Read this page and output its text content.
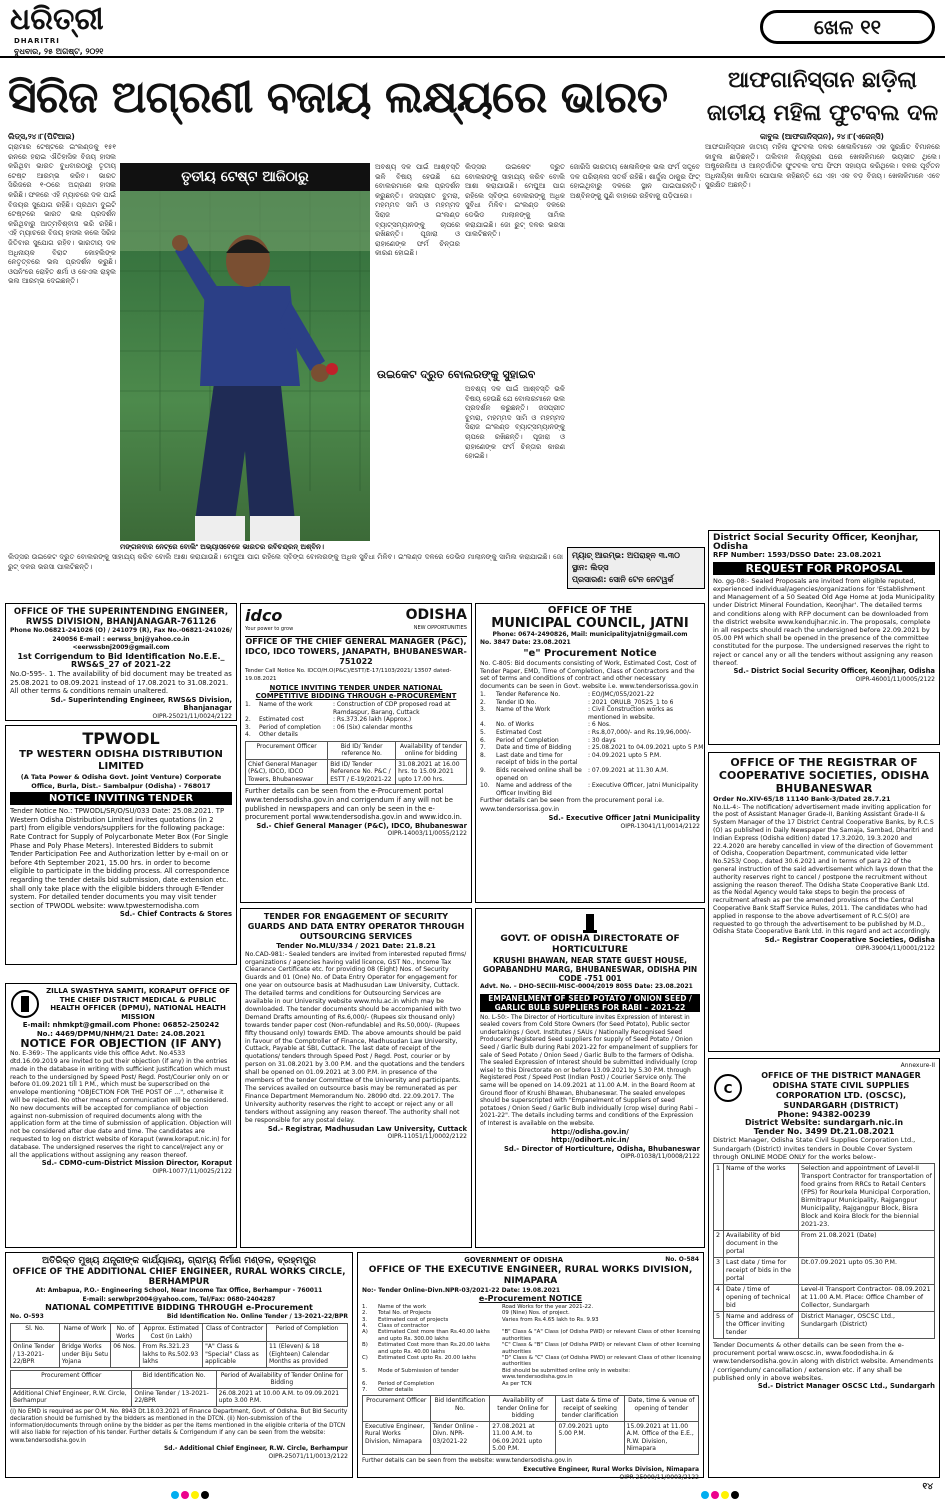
ଧରିତ୍ରୀ
DHARITRI
ବୁଧବାର, ୨୫ ଅଗଷ୍ଟ, ୨୦୨୧
ଖେଳ ୧୧
ସିରିଜ ଅଗ୍ରଣୀ ବଜାୟ ଲକ୍ଷ୍ୟରେ ଭାରତ	ଆଫଗାନିସ୍ତାନ ଛାଡ଼ିଲା ଜାତୀୟ ମହିଳା ଫୁଟବଲ ଦଳ
ଲିଡ୍ସ,୨୪।୮(ପିଟିଆଇ)
ଗ୍ରାମାର ଟେଷ୍ଟରେ ଇଂଲଣ୍ଡକୁ ୧୫୧ ରନରେ ହରାଇ ଐତିହାସିକ ବିଜୟ ହାସଲ କରିଥିବା ଭାରତ ବୁଧବାରଠାରୁ ତୃତୀୟ ଟେଷ୍ଟ ଆରମ୍ଭ କରିବ। ଭାରତ ସିରିଜରେ ୧-୦ରେ ଅଗ୍ରଣୀ ହାସଲ କରିଛି। ଫଳରେ ଏହି ମ୍ୟାଚରେ ଦଳ ପାଇଁ ବିଜୟର ସୁଯୋଗ ରହିଛି। ପ୍ରଥମ ଦୁଇଟି ଟେଷ୍ଟରେ ଭାରତ ଭଲ ପ୍ରଦର୍ଶନ କରିଥିବାରୁ ଆତ୍ମବିଶ୍ବାସ ଭରି ରହିଛି। ଏହି ମ୍ୟାଚରେ ବିଜୟ ହାସଲ କଲେ ସିରିଜ ଜିତିବାର ସୁଯୋଗ ରହିବ। ଭାରତୀୟ ଦଳ ଅଧିନାୟକ ବିରାଟ କୋହଲିଙ୍କ ନେତୃତ୍ବରେ ଭଲ ପ୍ରଦର୍ଶନ କରୁଛି। ଓପନିଂରେ ରୋହିତ ଶର୍ମା ଓ କେଏଲ ରାହୁଲ ଭଲ ଆରମ୍ଭ ଦେଇଛନ୍ତି।
ତୃତୀୟ ଟେଷ୍ଟ ଆଜିଠାରୁ
ମଙ୍ଗଳବାର ନେଟ୍‌ରେ ବୋଲିଂ ଅଭ୍ୟାସବେଳେ ଭାରତର ରବିଚନ୍ଦ୍ରନ୍ ଅଶ୍ବିନ।
ଅବଶ୍ୟ ଦଳ ପାଇଁ ଆଶ୍ବସ୍ତି ଭଳି ବିଷୟ ହେଉଛି ଯେ ବୋଲରମାନେ ଭଲ ପ୍ରଦର୍ଶନ କରୁଛନ୍ତି। ଜସପ୍ରୀତ ବୁମରା, ମହମ୍ମଦ ସାମି ଓ ମହମ୍ମଦ ସିରାଜ ଇଂଲଣ୍ଡ ବ୍ୟାଟ୍ସମ୍ୟାନଙ୍କୁ ଚାପରେ ରଖିଛନ୍ତି। ପୂଜାରା ଓ ରାହାଣେଙ୍କ ଫର୍ମ ଚିନ୍ତାର କାରଣ ହୋଇଛି।
ଉଇକେଟ ଦ୍ରୁତ ବୋଲରଙ୍କୁ ସୁହାଇବ
ଲିଡ୍ସର ଉଇକେଟ ଦ୍ରୁତ ବୋଲରଙ୍କୁ ସାହାଯ୍ୟ କରିବ ବୋଲି ଆଶା କରାଯାଉଛି। ମେଘୁଆ ପାଗ ରହିଲେ ସ୍ବିଙ୍ଗ ବୋଲରଙ୍କୁ ଅଧିକ ସୁବିଧା ମିଳିବ। ଇଂଲଣ୍ଡ ଦଳରେ ଡେଭିଡ ମାଲାନଙ୍କୁ ସାମିଲ କରାଯାଇଛି। ଜୋ ରୁଟ୍ ଦଳର ଭରସା ପାଲଟିଛନ୍ତି।
ଅବଶ୍ୟ ଦଳ ପାଇଁ ଆଶ୍ବସ୍ତି ଭଳି ବିଷୟ ହେଉଛି ଯେ ବୋଲରମାନେ ଭଲ ପ୍ରଦର୍ଶନ କରୁଛନ୍ତି। ଜସପ୍ରୀତ ବୁମରା, ମହମ୍ମଦ ସାମି ଓ ମହମ୍ମଦ ସିରାଜ ଇଂଲଣ୍ଡ ବ୍ୟାଟ୍ସମ୍ୟାନଙ୍କୁ ଚାପରେ ରଖିଛନ୍ତି। ପୂଜାରା ଓ ରାହାଣେଙ୍କ ଫର୍ମ ଚିନ୍ତାର କାରଣ ହୋଇଛି।
ଜୋରିସି ଭାରତୀୟ ଖେଳାଳିଙ୍କ ଭଲ ଫର୍ମ ସତ୍ତ୍ବେ ଦଳ ପରିଚାଳନା ସତର୍କ ରହିଛି। ଶାର୍ଦ୍ଦୁଲ ଠାକୁର ଫିଟ୍ ହୋଇଥିବାରୁ ଦଳରେ ସ୍ଥାନ ପାଇପାରନ୍ତି। ଅଶ୍ବିନଙ୍କୁ ପୁଣି ବାହାରେ ରହିବାକୁ ପଡ଼ିପାରେ।
ଲିଡ୍ସର ଉଇକେଟ ଦ୍ରୁତ ବୋଲରଙ୍କୁ ସାହାଯ୍ୟ କରିବ ବୋଲି ଆଶା କରାଯାଉଛି। ମେଘୁଆ ପାଗ ରହିଲେ ସ୍ବିଙ୍ଗ ବୋଲରଙ୍କୁ ଅଧିକ ସୁବିଧା ମିଳିବ। ଇଂଲଣ୍ଡ ଦଳରେ ଡେଭିଡ ମାଲାନଙ୍କୁ ସାମିଲ କରାଯାଇଛି। ଜୋ ରୁଟ୍ ଦଳର ଭରସା ପାଲଟିଛନ୍ତି।
ମ୍ୟାଚ୍ ଆରମ୍ଭ: ଅପରାହ୍ନ ୩.୩୦
ସ୍ଥାନ: ଲିଡ୍ସ
ପ୍ରସାରଣ: ସୋନି ଟେନ ନେଟୱର୍କ
କାବୁଲ (ଆଫଗାନିସ୍ତାନ), ୨୪।୮(ଏଜେନ୍ସି)
ଆଫଗାନିସ୍ତାନ ଜାତୀୟ ମହିଳା ଫୁଟବଲ ଦଳର ଖେଳାଳିମାନେ ଏକ ସୁରକ୍ଷିତ ବିମାନରେ କାବୁଲ ଛାଡ଼ିଛନ୍ତି। ତାଲିବାନ ନିୟନ୍ତ୍ରଣ ପରେ ଖେଳାଳିମାନେ ଭୟଭୀତ ଥିଲେ। ଅଷ୍ଟ୍ରେଲିଆ ଓ ଆନ୍ତର୍ଜାତିକ ଫୁଟବଲ ସଂଘ ଫିଫା ସହାୟତା କରିଥିଲେ। ଦଳର ପୂର୍ବତନ ଅଧିନାୟିକା ଖାଲିଦା ପୋପାଲ କହିଛନ୍ତି ଯେ ଏହା ଏକ ବଡ଼ ବିଜୟ। ଖେଳାଳିମାନେ ଏବେ ସୁରକ୍ଷିତ ଅଛନ୍ତି।
OFFICE OF THE SUPERINTENDING ENGINEER, RWSS DIVISION, BHANJANAGAR-761126
Phone No.06821-241026 (O) / 241079 (R), Fax No.-06821-241026/ 240056 E-mail : eerwss_bnj@yahoo.co.in <eerwssbnj2009@gmail.com
1st Corrigendum to Bid Identification No.E.E._ RWS&S_27 of 2021-22
No.O-595-. 1. The availability of bid document may be treated as 25.08.2021 to 08.09.2021 instead of 17.08.2021 to 31.08.2021. All other terms & conditions remain unaltered.
Sd.- Superintending Engineer, RWS&S Division, Bhanjanagar
OIPR-25021/11/0024/2122
TPWODL
TP WESTERN ODISHA DISTRIBUTION LIMITED
(A Tata Power & Odisha Govt. Joint Venture) Corporate Office, Burla, Dist.- Sambalpur (Odisha) - 768017
NOTICE INVITING TENDER
Tender Notice No.: TPWODL/SR/O/SU/033 Date: 25.08.2021. TP Western Odisha Distribution Limited invites quotations (in 2 part) from eligible vendors/suppliers for the following package: Rate Contract for Supply of Polycarbonate Meter Box (For Single Phase and Poly Phase Meters). Interested Bidders to submit Tender Participation Fee and Authorization letter by e-mail on or before 4th September 2021, 15.00 hrs. in order to become eligible to participate in the bidding process. All correspondence regarding the tender details bid submission, date extension etc. shall only take place with the eligible bidders through E-Tender system. For detailed tender documents you may visit tender section of TPWODL website: www.tpwesternodisha.com
Sd.- Chief Contracts & Stores
ZILLA SWASTHYA SAMITI, KORAPUT OFFICE OF THE CHIEF DISTRICT MEDICAL & PUBLIC HEALTH OFFICER (DPMU), NATIONAL HEALTH MISSION
E-mail: nhmkpt@gmail.com Phone: 06852-250242
No.: 4469/DPMU/NHM/21 Date: 24.08.2021
NOTICE FOR OBJECTION (IF ANY)
No. E-369:- The applicants vide this office Advt. No.4533 dtd.16.09.2019 are invited to put their objection (if any) in the entries made in the database in writing with sufficient justification which must reach to the undersigned by Speed Post/ Regd. Post/Courier only on or before 01.09.2021 till 1 P.M., which must be superscribed on the envelope mentioning "OBJECTION FOR THE POST OF ...", otherwise it will be rejected. No other means of communication will be considered. No new documents will be accepted for compliance of objection against non-submission of required documents along with the application form at the time of submission of application. Objection will not be considered after due date and time. The candidates are requested to log on district website of Koraput (www.koraput.nic.in) for database. The undersigned reserves the right to cancel/reject any or all the applications without assigning any reason thereof.
Sd.- CDMO-cum-District Mission Director, Koraput
OIPR-10077/11/0025/2122
idco
Your power to grow
ODISHA
NEW OPPORTUNITIES
OFFICE OF THE CHIEF GENERAL MANAGER (P&C), IDCO, IDCO TOWERS, JANAPATH, BHUBANESWAR- 751022
Tender Call Notice No. IDCO/H.O(P&C)/ESTT/E-17/1103/2021/ 13507 dated- 19.08.2021
NOTICE INVITING TENDER UNDER NATIONAL COMPETITIVE BIDDING THROUGH e-PROCUREMENT
1.	Name of the work	: Construction of CDP proposed road at Ramdaspur, Barang, Cuttack
2.	Estimated cost	: Rs.373.26 lakh (Approx.)
3.	Period of completion	: 06 (Six) calendar months
4.	Other details
Procurement Officer	Bid ID/ Tender reference No.	Availability of tender online for bidding
Chief General Manager (P&C), IDCO, IDCO Towers, Bhubaneswar	Bid ID/ Tender Reference No. P&C / ESTT / E-19/2021-22	31.08.2021 at 16.00 hrs. to 15.09.2021 upto 17.00 hrs.
Further details can be seen from the e-Procurement portal www.tendersodisha.gov.in and corrigendum if any will not be published in newspapers and can only be seen in the e-procurement portal www.tendersodisha.gov.in and www.idco.in.
Sd.- Chief General Manager (P&C), IDCO, Bhubaneswar
OIPR-14003/11/0055/2122
TENDER FOR ENGAGEMENT OF SECURITY GUARDS AND DATA ENTRY OPERATOR THROUGH OUTSOURCING SERVICES
Tender No.MLU/334 / 2021 Date: 21.8.21
No.CAD-981:- Sealed tenders are invited from interested reputed firms/ organizations / agencies having valid licence, GST No., Income Tax Clearance Certificate etc. for providing 08 (Eight) Nos. of Security Guards and 01 (One) No. of Data Entry Operator for engagement for one year on outsource basis at Madhusudan Law University, Cuttack. The detailed terms and conditions for Outsourcing Services are available in our University website www.mlu.ac.in which may be downloaded. The tender documents should be accompanied with two Demand Drafts amounting of Rs.6,000/- (Rupees six thousand only) towards tender paper cost (Non-refundable) and Rs.50,000/- (Rupees fifty thousand only) towards EMD. The above amounts should be paid in favour of the Comptroller of Finance, Madhusudan Law University, Cuttack, Payable at SBI, Cuttack. The last date of receipt of the quotations/ tenders through Speed Post / Regd. Post, courier or by person on 31.08.2021 by 3.00 P.M. and the quotations and the tenders shall be opened on 01.09.2021 at 3.00 P.M. in presence of the members of the tender Committee of the University and participants. The services availed on outsource basis may be remunerated as per Finance Department Memorandum No. 28090 dtd. 22.09.2017. The University authority reserves the right to accept or reject any or all tenders without assigning any reason thereof. The authority shall not be responsible for any postal delay.
Sd.- Registrar, Madhusudan Law University, Cuttack
OIPR-11051/11/0002/2122
OFFICE OF THE
MUNICIPAL COUNCIL, JATNI
Phone: 0674-2490826, Mail: municipalityjatni@gmail.com
No. 3847 Date: 23.08.2021
"e" Procurement Notice
No. C-805: Bid documents consisting of Work, Estimated Cost, Cost of Tender Paper, EMD, Time of Completion, Class of Contractors and the set of terms and conditions of contract and other necessary documents can be seen in Govt. website i.e. www.tendersorissa.gov.in
1.	Tender Reference No.	: EO/JMC/055/2021-22
2.	Tender ID No.	: 2021_ORULB_70525_1 to 6
3.	Name of the Work	: Civil Construction works as mentioned in website.
4.	No. of Works	: 6 Nos.
5.	Estimated Cost	: Rs.8,07,000/- and Rs.19,96,000/-
6.	Period of Completion	: 30 days
7.	Date and time of Bidding	: 25.08.2021 to 04.09.2021 upto 5 P.M.
8.	Last date and time for receipt of bids in the portal
: 04.09.2021 upto 5 P.M.
9.	Bids received online shall be opened on
: 07.09.2021 at 11.30 A.M.
10.	Name and address of the Officer Inviting Bid
: Executive Officer, Jatni Municipality
Further details can be seen from the procurement poral i.e. www.tendersorissa.gov.in
Sd.- Executive Officer Jatni Municipality
OIPR-13041/11/0014/2122
GOVT. OF ODISHA DIRECTORATE OF HORTICULTURE
KRUSHI BHAWAN, NEAR STATE GUEST HOUSE, GOPABANDHU MARG, BHUBANESWAR, ODISHA PIN CODE -751 001
Advt. No. – DHO-SECIII-MISC-0004/2019 8055 Date: 23.08.2021
EMPANELMENT OF SEED POTATO / ONION SEED / GARLIC BULB SUPPLIERS FOR RABI – 2021-22
No. L-50:- The Director of Horticulture invites Expression of Interest in sealed covers from Cold Store Owners (for Seed Potato), Public sector undertakings / Govt. Institutes / SAUs / Nationally Recognised Seed Producers/ Registered Seed suppliers for supply of Seed Potato / Onion Seed / Garlic Bulb during Rabi 2021-22 for empanelment of suppliers for sale of Seed Potato / Onion Seed / Garlic Bulb to the farmers of Odisha. The sealed Expression of Interest should be submitted individually (crop wise) to this Directorate on or before 13.09.2021 by 5.30 P.M. through Registered Post / Speed Post (Indian Post) / Courier Service only. The same will be opened on 14.09.2021 at 11.00 A.M. in the Board Room at Ground floor of Krushi Bhawan, Bhubaneswar. The sealed envelopes should be superscripted with "Empanelment of Suppliers of seed potatoes / Onion Seed / Garlic Bulb individually (crop wise) during Rabi – 2021-22". The details including terms and conditions of the Expression of Interest is available on the website.
http://odisha.gov.in/
http://odihort.nic.in/
Sd.- Director of Horticulture, Odisha, Bhubaneswar
OIPR-01038/11/0008/2122
District Social Security Officer, Keonjhar, Odisha
RFP Number: 1593/DSSO Date: 23.08.2021
REQUEST FOR PROPOSAL
No. gg-08:- Sealed Proposals are invited from eligible reputed, experienced individual/agencies/organizations for 'Establishment and Management of a 50 Seated Old Age Home at Joda Municipality under District Mineral Foundation, Keonjhar'. The detailed terms and conditions along with RFP document can be downloaded from the district website www.kendujhar.nic.in. The proposals, complete in all respects should reach the undersigned before 22.09.2021 by 05.00 PM which shall be opened in the presence of the committee constituted for the purpose. The undersigned reserves the right to reject or cancel any or all the tenders without assigning any reason thereof.
Sd.- District Social Security Officer, Keonjhar, Odisha
OIPR-46001/11/0005/2122
OFFICE OF THE REGISTRAR OF COOPERATIVE SOCIETIES, ODISHA BHUBANESWAR
Order No.XIV-65/18 11140 Bank-3/Dated 28.7.21
No.LL-4:- The notification/ advertisement made inviting application for the post of Assistant Manager Grade-II, Banking Assistant Grade-II & System Manager of the 17 District Central Cooperative Banks, by R.C.S (O) as published in Daily Newspaper the Samaja, Sambad, Dharitri and Indian Express (Odisha edition) dated 17.3.2020, 19.3.2020 and 22.4.2020 are hereby cancelled in view of the direction of Government of Odisha, Cooperation Department, communicated vide letter No.5253/ Coop., dated 30.6.2021 and in terms of para 22 of the general instruction of the said advertisement which lays down that the authority reserves right to cancel / postpone the recruitment without assigning the reason thereof. The Odisha State Cooperative Bank Ltd. as the Nodal Agency would take steps to begin the process of recruitment afresh as per the amended provisions of the Central Cooperative Bank Staff Service Rules, 2011. The candidates who had applied in response to the above advertisement of R.C.S(O) are requested to go through the advertisement to be published by M.D., Odisha State Cooperative Bank Ltd. in this regard and act accordingly.
Sd.- Registrar Cooperative Societies, Odisha
OIPR-39004/11/0001/2122
Annexure-II
C
OFFICE OF THE DISTRICT MANAGER ODISHA STATE CIVIL SUPPLIES CORPORATION LTD. (OSCSC), SUNDARGARH (DISTRICT)
Phone: 94382-00239
District Website: sundargarh.nic.in
Tender No. 3499 Dt.21.08.2021
District Manager, Odisha State Civil Supplies Corporation Ltd., Sundargarh (District) invites tenders in Double Cover System through ONLINE MODE ONLY for the works below:-
1	Name of the works	Selection and appointment of Level-II Transport Contractor for transportation of food grains from RRCs to Retail Centers (FPS) for Rourkela Municipal Corporation, Birmitrapur Municipality, Rajgangpur Municipality, Rajgangpur Block, Bisra Block and Koira Block for the biennial 2021-23.
2	Availability of bid document in the portal	From 21.08.2021 (Date)
3	Last date / time for receipt of bids in the portal	Dt.07.09.2021 upto 05.30 P.M.
4	Date / time of opening of technical bid	Level-II Transport Contractor- 08.09.2021 at 11.00 A.M. Place: Office Chamber of Collector, Sundargarh
5	Name and address of the Officer inviting tender	District Manager, OSCSC Ltd., Sundargarh (District)
Tender Documents & other details can be seen from the e-procurement portal www.oscsc.in, www.foododisha.in & www.tendersodisha.gov.in along with district website. Amendments / corrigendum/ cancellation / extension etc. if any shall be published only in above websites.
Sd.- District Manager OSCSC Ltd., Sundargarh
ଅତିରିକ୍ତ ମୁଖ୍ୟ ଯନ୍ତ୍ରୀଙ୍କ କାର୍ଯ୍ୟାଳୟ, ଗ୍ରାମ୍ୟ ନିର୍ମାଣ ମଣ୍ଡଳ, ବ୍ରହ୍ମପୁର
OFFICE OF THE ADDITIONAL CHIEF ENGINEER, RURAL WORKS CIRCLE, BERHAMPUR
At: Ambapua, P.O.- Engineering School, Near Income Tax Office, Berhampur - 760011
E-mail: serwbpr2004@yahoo.com, Tel/Fax: 0680-2404287
NATIONAL COMPETITIVE BIDDING THROUGH e-Procurement
No. O-593	Bid Identification No. Online Tender / 13-2021-22/BPR
Sl. No.	Name of Work	No. of Works	Approx. Estimated Cost (in Lakh)	Class of Contractor	Period of Completion
Online Tender / 13-2021-22/BPR	Bridge Works under Biju Setu Yojana	06 Nos.	From Rs.321.23 lakhs to Rs.502.93 lakhs	"A" Class & "Special" Class as applicable	11 (Eleven) & 18 (Eighteen) Calendar Months as provided
Procurement Officer	Bid Identification No.	Period of Availability of Tender Online for Bidding
Additional Chief Engineer, R.W. Circle, Berhampur	Online Tender / 13-2021-22/BPR	26.08.2021 at 10.00 A.M. to 09.09.2021 upto 3.00 P.M.
(i) No EMD is required as per O.M. No. 8943 Dt.18.03.2021 of Finance Department, Govt. of Odisha. But Bid Security declaration should be furnished by the bidders as mentioned in the DTCN. (ii) Non-submission of the information/documents through online by the bidder as per the items mentioned in the eligible criteria of the DTCN will also liable for rejection of his tender. Further details & Corrigendum if any can be seen from the website: www.tendersodisha.gov.in
Sd.- Additional Chief Engineer, R.W. Circle, Berhampur
OIPR-25071/11/0013/2122
GOVERNMENT OF ODISHA	No. O-584
OFFICE OF THE EXECUTIVE ENGINEER, RURAL WORKS DIVISION, NIMAPARA
No:- Tender Online-Divn.NPR-03/2021-22 Date: 19.08.2021
e-Procurement NOTICE
1.	Name of the work	Road Works for the year 2021-22.
2.	Total No. of Projects	09 (Nine) Nos. of project.
3.	Estimated cost of projects	Varies from Rs.4.65 lakh to Rs. 9.93
4.	Class of contractor
A)	Estimated Cost more than Rs.40.00 lakhs and upto Rs. 300.00 lakhs
"B" Class & "A" Class (of Odisha PWD) or relevant Class of other licensing authorities
B)	Estimated Cost more than Rs.20.00 lakhs and upto Rs. 40.00 lakhs
"C" Class & "B" Class (of Odisha PWD) or relevant Class of other licensing authorities
C)	Estimated Cost upto Rs. 20.00 lakhs	"D" Class & "C" Class (of Odisha PWD) or relevant Class of other licensing authorities
5.	Mode of Submission of tender	Bid should be submitted online only in website: www.tendersodisha.gov.in
6.	Period of Completion	As per TCN
7.	Other details
Procurement Officer	Bid Identification No.	Availability of tender Online for bidding	Last date & time of receipt of seeking tender clarification	Date, time & venue of opening of tender
Executive Engineer, Rural Works Division, Nimapara	Tender Online - Divn. NPR-03/2021-22	27.08.2021 at 11.00 A.M. to 06.09.2021 upto 5.00 P.M.	07.09.2021 upto 5.00 P.M.	15.09.2021 at 11.00 A.M. Office of the E.E., R.W. Division, Nimapara
Further details can be seen from the website: www.tendersodisha.gov.in
Executive Engineer, Rural Works Division, Nimapara
OIPR-25009/11/0003/2122
୧୪
